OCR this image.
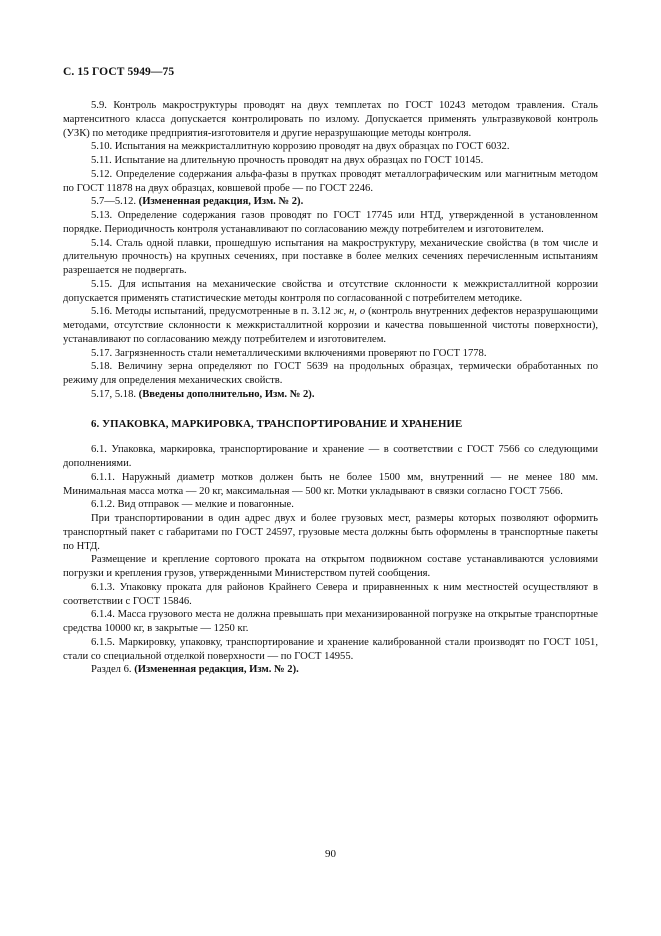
С. 15 ГОСТ 5949—75

5.9. Контроль макроструктуры проводят на двух темплетах по ГОСТ 10243 методом травления. Сталь мартенситного класса допускается контролировать по излому. Допускается применять ультразвуковой контроль (УЗК) по методике предприятия-изготовителя и другие неразрушающие методы контроля.

5.10. Испытания на межкристаллитную коррозию проводят на двух образцах по ГОСТ 6032.

5.11. Испытание на длительную прочность проводят на двух образцах по ГОСТ 10145.

5.12. Определение содержания альфа-фазы в прутках проводят металлографическим или магнитным методом по ГОСТ 11878 на двух образцах, ковшевой пробе — по ГОСТ 2246.

5.7—5.12. (Измененная редакция, Изм. № 2).

5.13. Определение содержания газов проводят по ГОСТ 17745 или НТД, утвержденной в установленном порядке. Периодичность контроля устанавливают по согласованию между потребителем и изготовителем.

5.14. Сталь одной плавки, прошедшую испытания на макроструктуру, механические свойства (в том числе и длительную прочность) на крупных сечениях, при поставке в более мелких сечениях перечисленным испытаниям разрешается не подвергать.

5.15. Для испытания на механические свойства и отсутствие склонности к межкристаллитной коррозии допускается применять статистические методы контроля по согласованной с потребителем методике.

5.16. Методы испытаний, предусмотренные в п. 3.12 ж, н, о (контроль внутренних дефектов неразрушающими методами, отсутствие склонности к межкристаллитной коррозии и качества повышенной чистоты поверхности), устанавливают по согласованию между потребителем и изготовителем.

5.17. Загрязненность стали неметаллическими включениями проверяют по ГОСТ 1778.

5.18. Величину зерна определяют по ГОСТ 5639 на продольных образцах, термически обработанных по режиму для определения механических свойств.

5.17, 5.18. (Введены дополнительно, Изм. № 2).

6. УПАКОВКА, МАРКИРОВКА, ТРАНСПОРТИРОВАНИЕ И ХРАНЕНИЕ

6.1. Упаковка, маркировка, транспортирование и хранение — в соответствии с ГОСТ 7566 со следующими дополнениями.

6.1.1. Наружный диаметр мотков должен быть не более 1500 мм, внутренний — не менее 180 мм. Минимальная масса мотка — 20 кг, максимальная — 500 кг. Мотки укладывают в связки согласно ГОСТ 7566.

6.1.2. Вид отправок — мелкие и повагонные.

При транспортировании в один адрес двух и более грузовых мест, размеры которых позволяют оформить транспортный пакет с габаритами по ГОСТ 24597, грузовые места должны быть оформлены в транспортные пакеты по НТД.

Размещение и крепление сортового проката на открытом подвижном составе устанавливаются условиями погрузки и крепления грузов, утвержденными Министерством путей сообщения.

6.1.3. Упаковку проката для районов Крайнего Севера и приравненных к ним местностей осуществляют в соответствии с ГОСТ 15846.

6.1.4. Масса грузового места не должна превышать при механизированной погрузке на открытые транспортные средства 10000 кг, в закрытые — 1250 кг.

6.1.5. Маркировку, упаковку, транспортирование и хранение калиброванной стали производят по ГОСТ 1051, стали со специальной отделкой поверхности — по ГОСТ 14955.

Раздел 6. (Измененная редакция, Изм. № 2).

90
